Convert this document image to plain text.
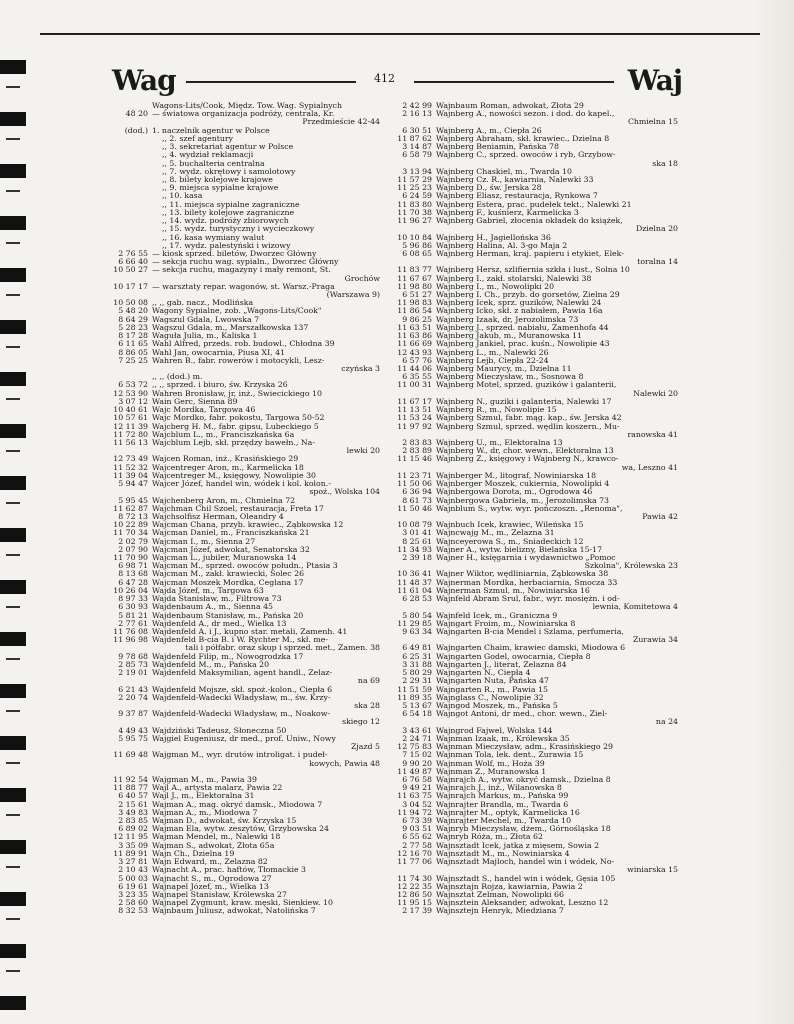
Wag	412	Waj
Wagons-Lits/Cook, Międz. Tow. Wag. Sypialnych
48 20 — światowa organizacja podróży, centrala, Kr.
Przedmieście 42-44
(dod.) 1. naczelnik agentur w Polsce
,, 2. szef agentury
,, 3. sekretariat agentur w Polsce
,, 4. wydział reklamacji
,, 5. buchalteria centralna
,, 7. wydz. okrętowy i samolotowy
,, 8. bilety kolejowe krajowe
,, 9. miejsca sypialne krajowe
,, 10. kasa
,, 11. miejsca sypialne zagraniczne
,, 13. bilety kolejowe zagraniczne
,, 14. wydz. podróży zbiorowych
,, 15. wydz. turystyczny i wycieczkowy
,, 16. kasa wymiany walut
,, 17. wydz. palestyński i wizowy
2 76 55 — kiosk sprzed. biletów, Dworzec Główny
6 66 40 — sekcja ruchu wag. sypialn., Dworzec Główny
10 50 27 — sekcja ruchu, magazyny i mały remont, St.
Grochów
10 17 17 — warsztaty repar. wagonów, st. Warsz.-Praga
(Warszawa 9)
10 50 08 ,, ,, gab. nacz., Modlińska
5 48 20 Wagony Sypialne, zob. „Wagons-Lits/Cook"
8 64 29 Wagszul Gdala, Lwowska 7
5 28 23 Wagszul Gdala, m., Marszałkowska 137
8 17 28 Waguła Julia, m., Kaliska 1
6 11 65 Wahl Alfred, przeds. rob. budowl., Chłodna 39
8 86 05 Wahl Jan, owocarnia, Piusa XI, 41
7 25 25 Wahren B., fabr. rowerów i motocykli, Lesz-
czyńska 3
,, ,, (dod.) m.
6 53 72 ,, ,, sprzed. i biuro, św. Krzyska 26
12 53 90 Wahren Bronisław, jr, inż., Świecickiego 10
3 07 12 Wain Gerc, Sienna 89
10 40 61 Wajc Mordka, Targowa 46
10 57 61 Wajc Mordko, fabr. pokostu, Targowa 50-52
12 11 39 Wajcberg H. M., fabr. gipsu, Lubeckiego 5
11 72 80 Wajcblum L., m., Franciszkańska 6a
11 56 13 Wajcblum Lejb, skł. przędzy bawełn., Na-
lewki 20
12 73 49 Wajcen Roman, inż., Krasińskiego 29
11 52 32 Wajcentreger Aron, m., Karmelicka 18
11 39 04 Wajcentreger M., księgowy, Nowolipie 30
5 94 47 Wajcer Józef, handel win, wódek i kol. kolon.-
spoż., Wolska 104
5 95 45 Wajchenberg Aron, m., Chmielna 72
11 62 87 Wajchman Chil Szoel, restauracja, Freta 17
8 72 13 Wajchsolfisz Herman, Oleandry 4
10 22 89 Wajcman Chana, przyb. krawiec., Ząbkowska 12
11 70 34 Wajcman Daniel, m., Franciszkańska 21
2 02 79 Wajcman I., m., Sienna 27
2 07 90 Wajcman Józef, adwokat, Senatorska 32
11 70 90 Wajcman L., jubiler, Muranowska 14
6 98 71 Wajcman M., sprzed. owoców połudn., Ptasia 3
8 13 68 Wajcman M., zakł. krawiecki, Solec 26
6 47 28 Wajcman Moszek Mordka, Ceglana 17
10 26 04 Wajda Józef, m., Targowa 63
8 97 33 Wajda Stanisław, m., Filtrowa 73
6 30 93 Wajdenbaum A., m., Sienna 45
5 81 21 Wajdenbaum Stanisław, m., Pańska 20
2 77 61 Wajdenfeld A., dr med., Wielka 13
11 76 08 Wajdenfeld A. i J., kupno star. metali, Zamenh. 41
11 96 98 Wajdenfeld B-cia B. i W. Rychter M., skł. me-
tali i półfabr. oraz skup i sprzed. met., Zamen. 38
9 78 68 Wajdenfeld Filip, m., Nowogrodzka 17
2 85 73 Wajdenfeld M., m., Pańska 20
2 19 01 Wajdenfeld Maksymilian, agent handl., Żelaz-
na 69
6 21 43 Wajdenfeld Mojsze, skł. spoż.-kolon., Ciepła 6
2 20 74 Wajdenfeld-Wadecki Władysław, m., św. Krzy-
ska 28
9 37 87 Wajdenfeld-Wadecki Władysław, m., Noakow-
skiego 12
4 49 43 Wajdziński Tadeusz, Słoneczna 50
5 95 75 Wajgiel Eugeniusz, dr med., prof. Uniw., Nowy
Zjazd 5
11 69 48 Wajgman M., wyr. drutów introligat. i pudeł-
kowych, Pawia 48
11 92 54 Wajgman M., m., Pawia 39
11 88 77 Wajl A., artysta malarz, Pawia 22
6 40 57 Wajl J., m., Elektoralna 31
2 15 61 Wajman A., mag. okryć damsk., Miodowa 7
3 49 83 Wajman A., m., Miodowa 7
2 83 85 Wajman D., adwokat, św. Krzyska 15
6 89 02 Wajman Ela, wytw. zeszytów, Grzybowska 24
12 11 95 Wajman Mendel, m., Nalewki 18
3 35 09 Wajman S., adwokat, Złota 65a
11 89 91 Wajn Ch., Dzielna 19
3 27 81 Wajn Edward, m., Żelazna 82
2 10 43 Wajnacht A., prac. haftów, Tłomackie 3
5 00 03 Wajnacht S., m., Ogrodowa 27
6 19 61 Wajnapel Józef, m., Wielka 13
3 23 35 Wajnapel Stanisław, Królewska 27
2 58 60 Wajnapel Zygmunt, kraw. męski, Sienkiew. 10
8 32 53 Wajnbaum Juliusz, adwokat, Natolińska 7
2 42 99 Wajnbaum Roman, adwokat, Złota 29
2 16 13 Wajnberg A., nowości sezon. i dod. do kapel.,
Chmielna 15
6 30 51 Wajnberg A., m., Ciepła 26
11 87 62 Wajnberg Abraham, skł. krawiec., Dzielna 8
3 14 87 Wajnberg Beniamin, Pańska 78
6 58 79 Wajnberg C., sprzed. owoców i ryb, Grzybow-
ska 18
3 13 94 Wajnberg Chaskiel, m., Twarda 10
11 57 29 Wajnberg Cz. R., kawiarnia, Nalewki 33
11 25 23 Wajnberg D., św. Jerska 28
6 24 59 Wajnberg Eliasz, restauracja, Rynkowa 7
11 83 80 Wajnberg Estera, prac. pudełek tekt., Nalewki 21
11 70 38 Wajnberg F., kuśnierz, Karmelicka 3
11 96 27 Wajnberg Gabriel, złocenia okładek do książek,
Dzielna 20
10 10 84 Wajnberg H., Jagiellońska 36
5 96 86 Wajnberg Halina, Al. 3-go Maja 2
6 08 65 Wajnberg Herman, kraj. papieru i etykiet, Elek-
toralna 14
11 83 77 Wajnberg Hersz, szlifiernia szkła i lust., Solna 10
11 67 67 Wajnberg I., zakł. stolarski, Nalewki 38
11 98 80 Wajnberg I., m., Nowolipki 20
6 51 27 Wajnberg I. Ch., przyb. do gorsetów, Zielna 29
11 98 83 Wajnberg Icek, sprz. guzików, Nalewki 24
11 86 54 Wajnberg Icko, skł. z nabiałem, Pawia 16a
9 86 25 Wajnberg Izaak, dr, Jerozolimska 73
11 63 51 Wajnberg J., sprzed. nabiału, Zamenhofa 44
11 63 86 Wajnberg Jakub, m., Muranowska 11
11 66 69 Wajnberg Jankiel, prac. kuśn., Nowolipie 43
12 43 93 Wajnberg L., m., Nalewki 26
6 57 76 Wajnberg Lejb, Ciepła 22-24
11 44 06 Wajnberg Maurycy, m., Dzielna 11
6 35 55 Wajnberg Mieczysław, m., Sosnowa 8
11 00 31 Wajnberg Motel, sprzed. guzików i galanterii,
Nalewki 20
11 67 17 Wajnberg N., guziki i galanteria, Nalewki 17
11 13 51 Wajnberg R., m., Nowolipie 15
11 53 24 Wajnberg Szmul, fabr. mąg. kap., św. Jerska 42
11 97 92 Wajnberg Szmul, sprzed. wędlin koszern., Mu-
ranowska 41
2 83 83 Wajnberg U., m., Elektoralna 13
2 83 89 Wajnberg W., dr, chor. wewn., Elektoralna 13
11 15 46 Wajnberg Z., księgowy i Wajnberg N., krawco-
wa, Leszno 41
11 23 71 Wajnberger M., litograf, Nowiniarska 18
11 50 06 Wajnberger Moszek, cukiernia, Nowolipki 4
6 36 94 Wajnbergowa Dorota, m., Ogrodowa 46
8 61 73 Wajnbergowa Gabriela, m., Jerozolimska 73
11 50 46 Wajnblum S., wytw. wyr. pończoszn. „Renoma",
Pawia 42
10 08 79 Wajnbuch Icek, krawiec, Wileńska 15
3 01 41 Wajncwajg M., m., Żelazna 31
8 25 61 Wajnceyerowa S., m., Śniadeckich 12
11 34 93 Wajner A., wytw. bielizny, Bielańska 15-17
2 39 18 Wajner H., księgarnia i wydawnictwo „Pomoc
Szkolna", Królewska 23
10 36 41 Wajner Wiktor, wędliniarnia, Ząbkowska 38
11 48 37 Wajnerman Mordka, herbaciarnia, Smocza 33
11 61 04 Wajnerman Szmul, m., Nowiniarska 16
6 28 53 Wajnfeld Abram Srul, fabr., wyr. mosiężn. i od-
lewnia, Komitetowa 4
5 80 54 Wajnfeld Icek, m., Graniczna 9
11 29 85 Wajngart Froim, m., Nowiniarska 8
9 63 34 Wajngarten B-cia Mendel i Szlama, perfumeria,
Żurawia 34
6 49 81 Wajngarten Chaim, krawiec damski, Miodowa 6
6 25 31 Wajngarten Godel, owocarnia, Ciepła 8
3 31 88 Wajngarten J., literat, Żelazna 84
5 80 29 Wajngarten N., Ciepła 4
2 29 31 Wajngarten Nuta, Pańska 47
11 51 59 Wajngarten R., m., Pawia 15
11 89 35 Wajnglass C., Nowolipie 32
5 13 67 Wajngod Moszek, m., Pańska 5
6 54 18 Wajngot Antoni, dr med., chor. wewn., Ziel-
na 24
3 43 61 Wajngrod Fajwel, Wolska 144
2 24 71 Wajnman Izaak, m., Królewska 35
12 75 83 Wajnman Mieczysław, adm., Krasińskiego 29
7 15 02 Wajnman Tola, lek. dent., Żurawia 15
9 90 20 Wajnman Wolf, m., Hoża 39
11 49 87 Wajnman Z., Muranowska 1
6 76 58 Wajnrajch A., wytw. okryć damsk., Dzielna 8
9 49 21 Wajnrajch J., inż., Wilanowska 8
11 63 75 Wajnrajch Markus, m., Pańska 99
3 04 52 Wajnrajter Brandla, m., Twarda 6
11 94 72 Wajnrajter M., optyk, Karmelicka 16
6 73 39 Wajnrajter Mechel, m., Twarda 10
9 03 51 Wajnryb Mieczysław, dżem., Górnośląska 18
6 55 62 Wajnryb Róża, m., Złota 62
2 77 58 Wajnsztadt Icek, jatka z mięsem, Sowia 2
12 16 70 Wajnsztadt M., m., Nowiniarska 4
11 77 06 Wajnsztadt Majloch, handel win i wódek, No-
winiarska 15
11 74 30 Wajnsztadt S., handel win i wódek, Gęsia 105
12 22 35 Wajnsztajn Rojza, kawiarnia, Pawia 2
12 86 50 Wajnsztat Zelman, Nowolipki 66
11 95 15 Wajnsztein Aleksander, adwokat, Leszno 12
2 17 39 Wajnsztejn Henryk, Miedziana 7
